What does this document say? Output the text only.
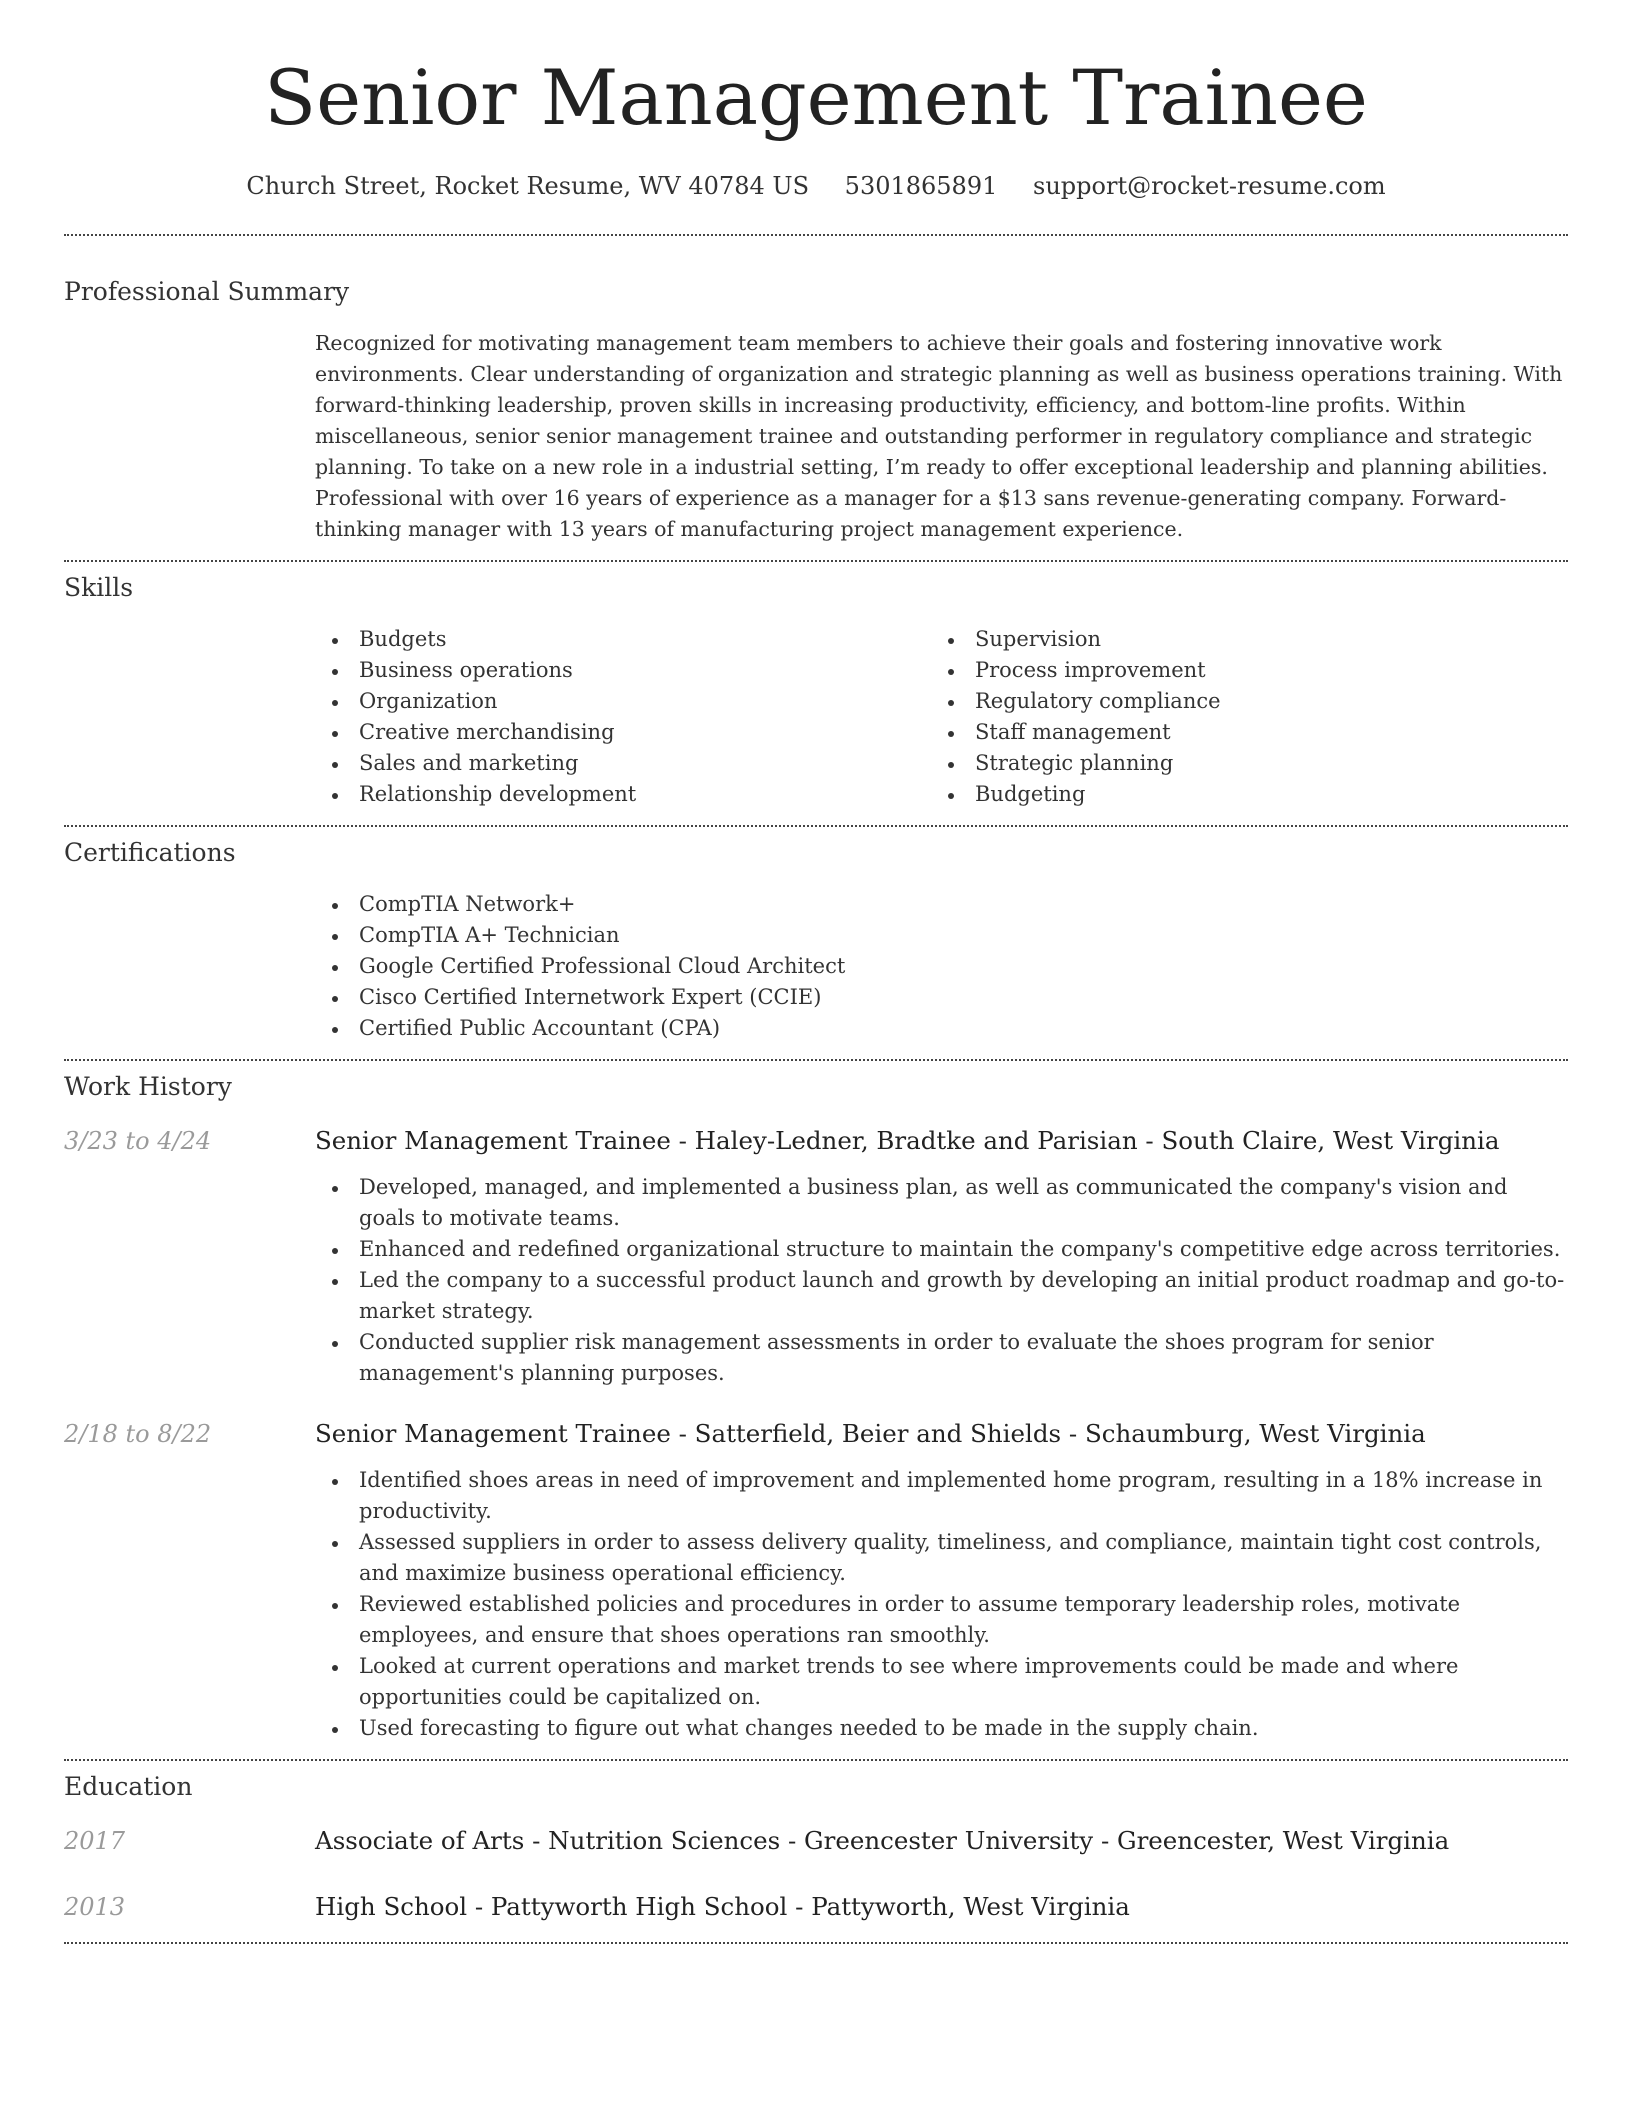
Senior Management Trainee
Church Street, Rocket Resume, WV 40784 US 5301865891 support@rocket-resume.com
Professional Summary
Recognized for motivating management team members to achieve their goals and fostering innovative work environments. Clear understanding of organization and strategic planning as well as business operations training. With forward-thinking leadership, proven skills in increasing productivity, efficiency, and bottom-line profits. Within miscellaneous, senior senior management trainee and outstanding performer in regulatory compliance and strategic planning. To take on a new role in a industrial setting, I’m ready to offer exceptional leadership and planning abilities. Professional with over 16 years of experience as a manager for a $13 sans revenue-generating company. Forward-thinking manager with 13 years of manufacturing project management experience.
Skills
Budgets
Business operations
Organization
Creative merchandising
Sales and marketing
Relationship development
Supervision
Process improvement
Regulatory compliance
Staff management
Strategic planning
Budgeting
Certifications
CompTIA Network+
CompTIA A+ Technician
Google Certified Professional Cloud Architect
Cisco Certified Internetwork Expert (CCIE)
Certified Public Accountant (CPA)
Work History
3/23 to 4/24	Senior Management Trainee - Haley-Ledner, Bradtke and Parisian - South Claire, West Virginia
Developed, managed, and implemented a business plan, as well as communicated the company's vision and goals to motivate teams.
Enhanced and redefined organizational structure to maintain the company's competitive edge across territories.
Led the company to a successful product launch and growth by developing an initial product roadmap and go-to-market strategy.
Conducted supplier risk management assessments in order to evaluate the shoes program for senior management's planning purposes.
2/18 to 8/22	Senior Management Trainee - Satterfield, Beier and Shields - Schaumburg, West Virginia
Identified shoes areas in need of improvement and implemented home program, resulting in a 18% increase in productivity.
Assessed suppliers in order to assess delivery quality, timeliness, and compliance, maintain tight cost controls, and maximize business operational efficiency.
Reviewed established policies and procedures in order to assume temporary leadership roles, motivate employees, and ensure that shoes operations ran smoothly.
Looked at current operations and market trends to see where improvements could be made and where opportunities could be capitalized on.
Used forecasting to figure out what changes needed to be made in the supply chain.
Education
2017	Associate of Arts - Nutrition Sciences - Greencester University - Greencester, West Virginia
2013	High School - Pattyworth High School - Pattyworth, West Virginia
